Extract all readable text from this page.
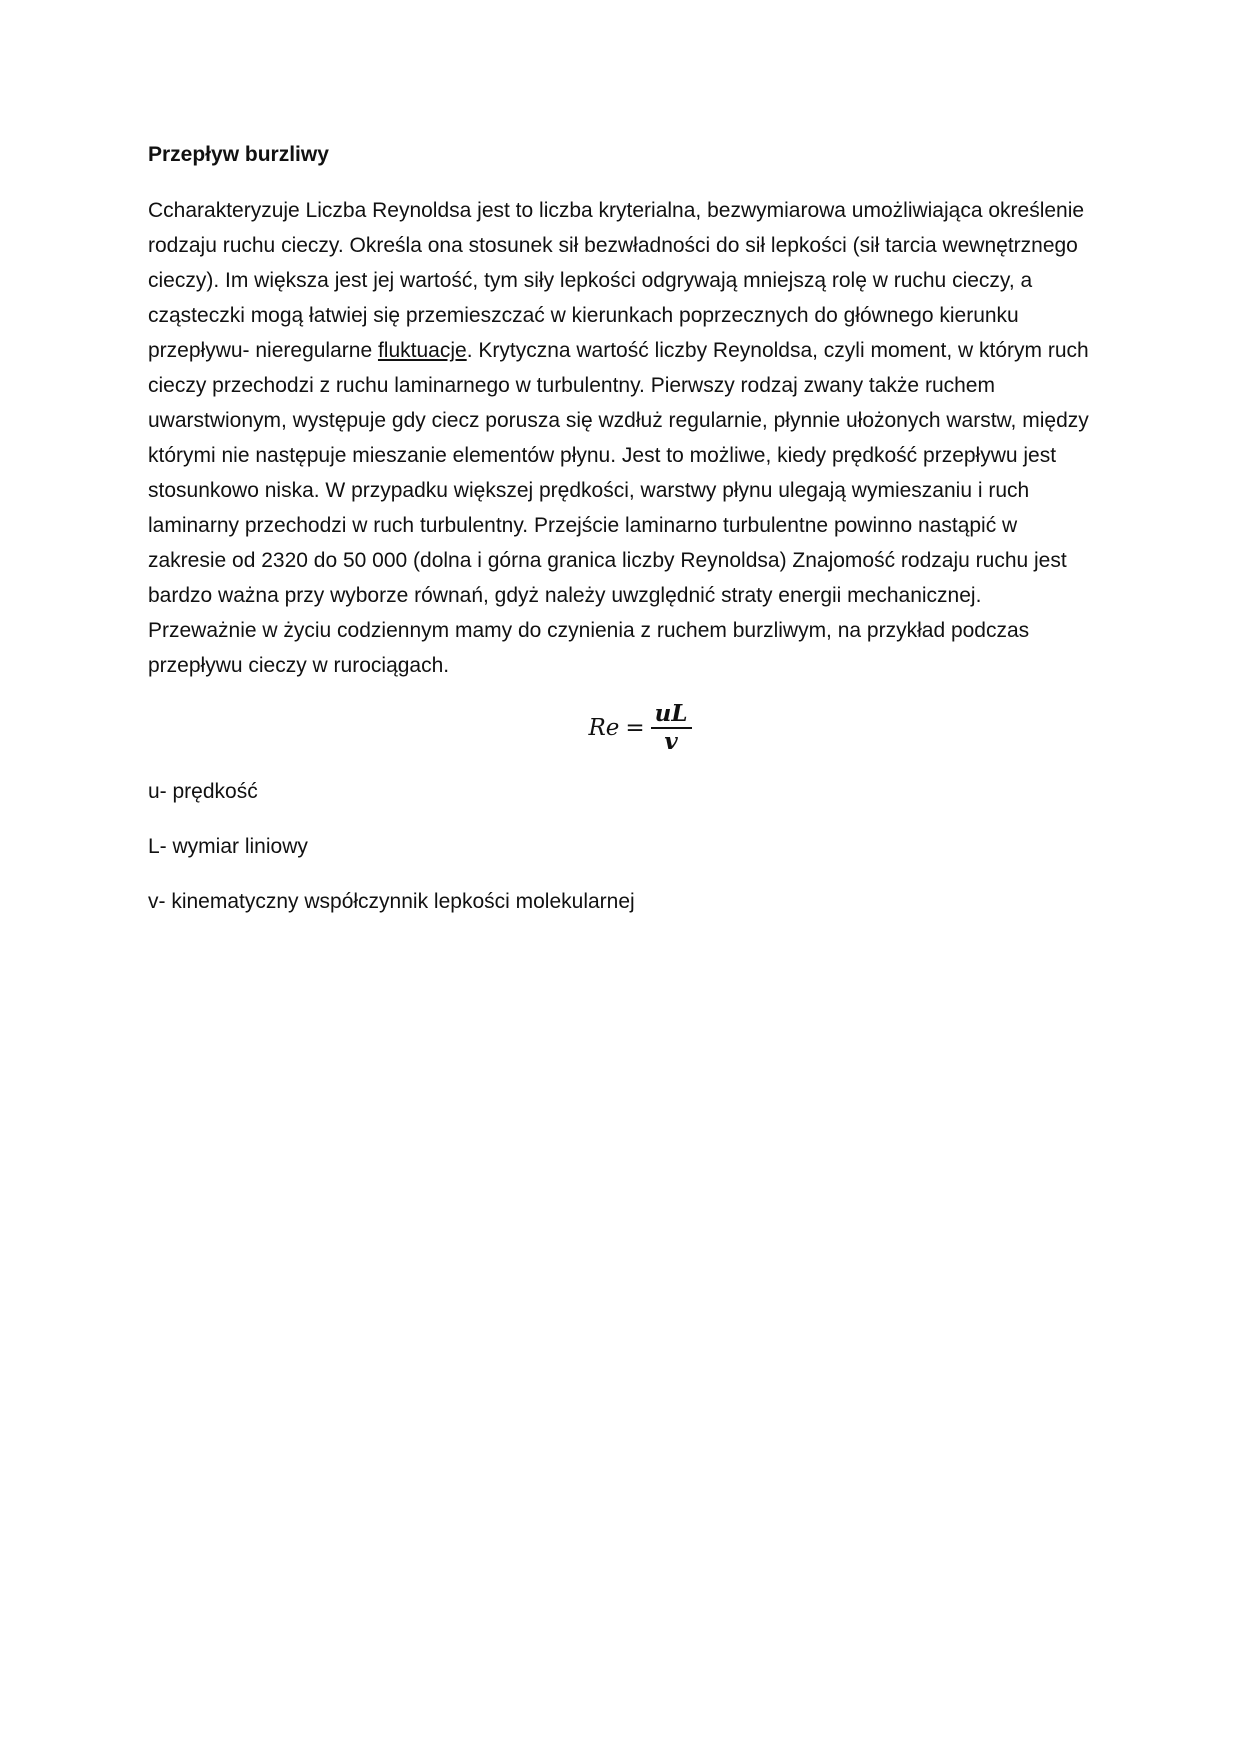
Przepływ burzliwy

Ccharakteryzuje Liczba Reynoldsa jest to liczba kryterialna, bezwymiarowa umożliwiająca określenie rodzaju ruchu cieczy. Określa ona stosunek sił bezwładności do sił lepkości (sił tarcia wewnętrznego cieczy). Im większa jest jej wartość, tym siły lepkości odgrywają mniejszą rolę w ruchu cieczy, a cząsteczki mogą łatwiej się przemieszczać w kierunkach poprzecznych do głównego kierunku przepływu- nieregularne fluktuacje. Krytyczna wartość liczby Reynoldsa, czyli moment, w którym ruch cieczy przechodzi z ruchu laminarnego w turbulentny. Pierwszy rodzaj zwany także ruchem uwarstwionym, występuje gdy ciecz porusza się wzdłuż regularnie, płynnie ułożonych warstw, między którymi nie następuje mieszanie elementów płynu. Jest to możliwe, kiedy prędkość przepływu jest stosunkowo niska. W przypadku większej prędkości, warstwy płynu ulegają wymieszaniu i ruch laminarny przechodzi w ruch turbulentny. Przejście laminarno turbulentne powinno nastąpić w zakresie od 2320 do 50 000 (dolna i górna granica liczby Reynoldsa) Znajomość rodzaju ruchu jest bardzo ważna przy wyborze równań, gdyż należy uwzględnić straty energii mechanicznej. Przeważnie w życiu codziennym mamy do czynienia z ruchem burzliwym, na przykład podczas przepływu cieczy w rurociągach.

$Re = \frac{uL}{v}$

u- prędkość

L- wymiar liniowy

v- kinematyczny współczynnik lepkości molekularnej
